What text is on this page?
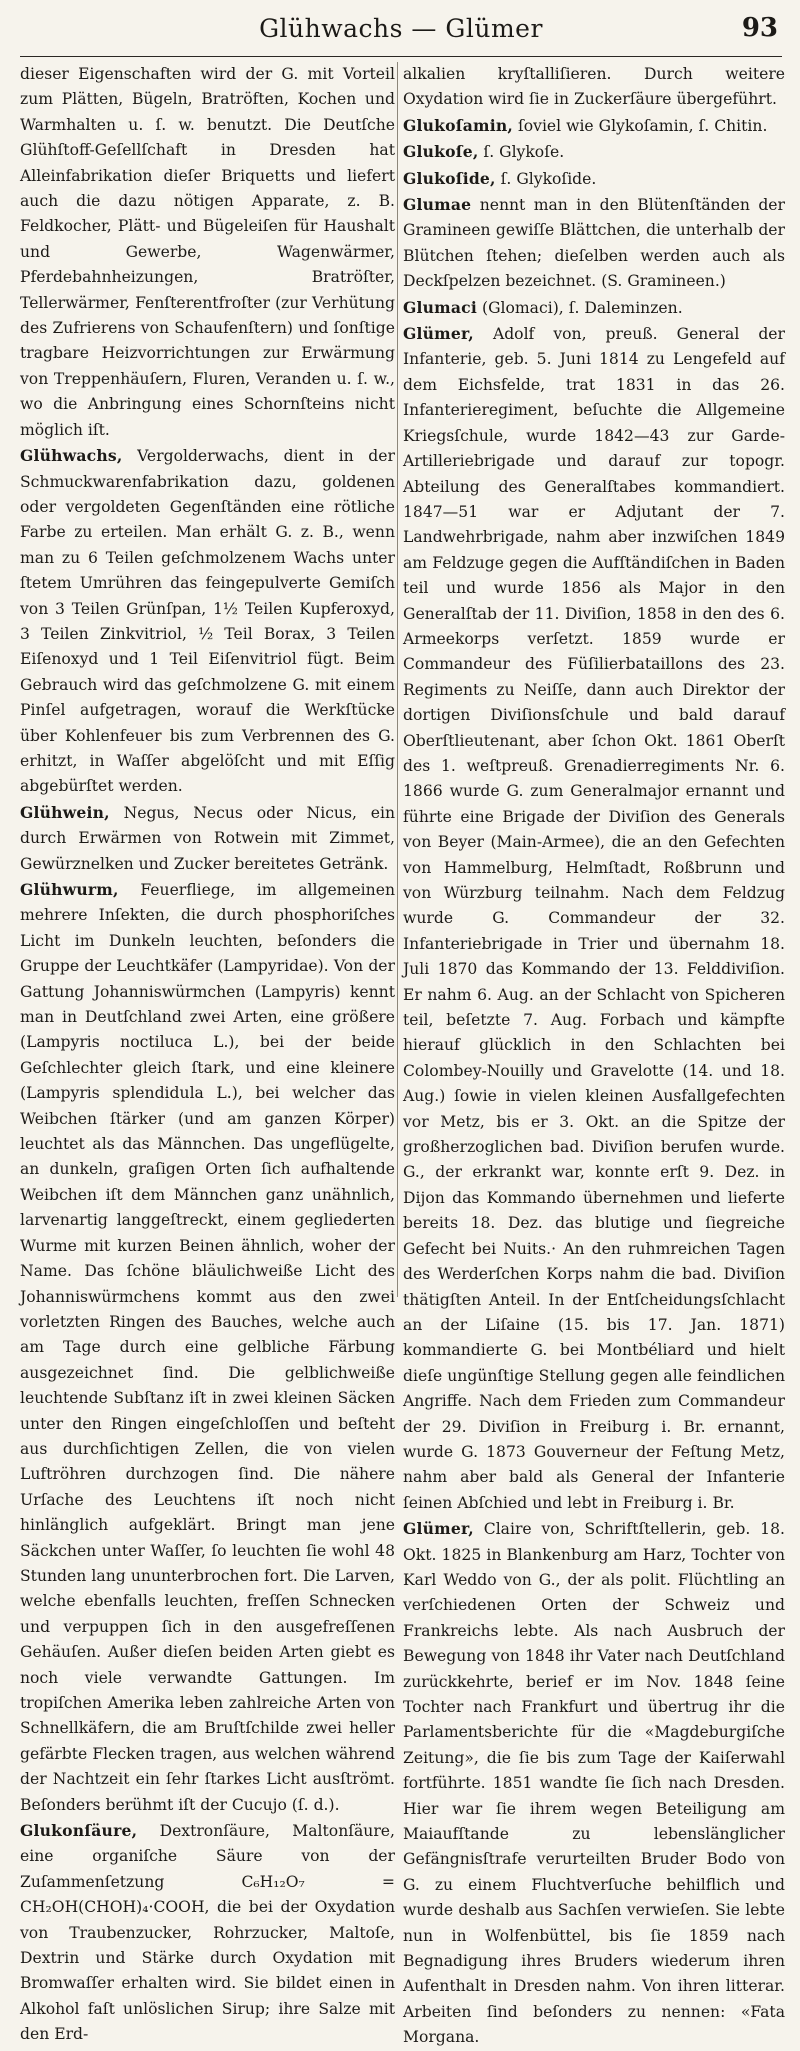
Glühwachs — Glümer	93

dieser Eigenschaften wird der G. mit Vorteil zum Plätten, Bügeln, Bratröften, Kochen und Warmhalten u. ſ. w. benutzt. Die Deutſche Glühſtoff-Geſellſchaft in Dresden hat Alleinfabrikation dieſer Briquetts und liefert auch die dazu nötigen Apparate, z. B. Feldkocher, Plätt- und Bügeleiſen für Haushalt und Gewerbe, Wagenwärmer, Pferdebahnheizungen, Bratröſter, Tellerwärmer, Fenſterentfroſter (zur Verhütung des Zufrierens von Schaufenſtern) und ſonſtige tragbare Heizvorrichtungen zur Erwärmung von Treppenhäuſern, Fluren, Veranden u. ſ. w., wo die Anbringung eines Schornſteins nicht möglich iſt.

Glühwachs, Vergolderwachs, dient in der Schmuckwarenfabrikation dazu, goldenen oder vergoldeten Gegenſtänden eine rötliche Farbe zu erteilen. Man erhält G. z. B., wenn man zu 6 Teilen geſchmolzenem Wachs unter ſtetem Umrühren das feingepulverte Gemiſch von 3 Teilen Grünſpan, 1½ Teilen Kupferoxyd, 3 Teilen Zinkvitriol, ½ Teil Borax, 3 Teilen Eiſenoxyd und 1 Teil Eiſenvitriol fügt. Beim Gebrauch wird das geſchmolzene G. mit einem Pinſel aufgetragen, worauf die Werkſtücke über Kohlenfeuer bis zum Verbrennen des G. erhitzt, in Waſſer abgelöſcht und mit Eſſig abgebürſtet werden.

Glühwein, Negus, Necus oder Nicus, ein durch Erwärmen von Rotwein mit Zimmet, Gewürznelken und Zucker bereitetes Getränk.

Glühwurm, Feuerfliege, im allgemeinen mehrere Inſekten, die durch phosphoriſches Licht im Dunkeln leuchten, beſonders die Gruppe der Leuchtkäfer (Lampyridae). Von der Gattung Johanniswürmchen (Lampyris) kennt man in Deutſchland zwei Arten, eine größere (Lampyris noctiluca L.), bei der beide Geſchlechter gleich ſtark, und eine kleinere (Lampyris splendidula L.), bei welcher das Weibchen ſtärker (und am ganzen Körper) leuchtet als das Männchen. Das ungeflügelte, an dunkeln, graſigen Orten ſich aufhaltende Weibchen iſt dem Männchen ganz unähnlich, larvenartig langgeſtreckt, einem gegliederten Wurme mit kurzen Beinen ähnlich, woher der Name. Das ſchöne bläulichweiße Licht des Johanniswürmchens kommt aus den zwei vorletzten Ringen des Bauches, welche auch am Tage durch eine gelbliche Färbung ausgezeichnet ſind. Die gelblichweiße leuchtende Subſtanz iſt in zwei kleinen Säcken unter den Ringen eingeſchloſſen und beſteht aus durchſichtigen Zellen, die von vielen Luftröhren durchzogen ſind. Die nähere Urſache des Leuchtens iſt noch nicht hinlänglich aufgeklärt. Bringt man jene Säckchen unter Waſſer, ſo leuchten ſie wohl 48 Stunden lang ununterbrochen fort. Die Larven, welche ebenfalls leuchten, freſſen Schnecken und verpuppen ſich in den ausgefreſſenen Gehäuſen. Außer dieſen beiden Arten giebt es noch viele verwandte Gattungen. Im tropiſchen Amerika leben zahlreiche Arten von Schnellkäfern, die am Bruſtſchilde zwei heller gefärbte Flecken tragen, aus welchen während der Nachtzeit ein ſehr ſtarkes Licht ausſtrömt. Beſonders berühmt iſt der Cucujo (ſ. d.).

Glukonſäure, Dextronſäure, Maltonſäure, eine organiſche Säure von der Zuſammenſetzung C₆H₁₂O₇ = CH₂OH(CHOH)₄·COOH, die bei der Oxydation von Traubenzucker, Rohrzucker, Maltoſe, Dextrin und Stärke durch Oxydation mit Bromwaſſer erhalten wird. Sie bildet einen in Alkohol faſt unlöslichen Sirup; ihre Salze mit den Erd-

alkalien kryſtalliſieren. Durch weitere Oxydation wird ſie in Zuckerſäure übergeführt.

Glukoſamin, ſoviel wie Glykoſamin, ſ. Chitin.

Glukoſe, ſ. Glykoſe.

Glukoſide, ſ. Glykoſide.

Glumae nennt man in den Blütenſtänden der Gramineen gewiſſe Blättchen, die unterhalb der Blütchen ſtehen; dieſelben werden auch als Deckſpelzen bezeichnet. (S. Gramineen.)

Glumaci (Glomaci), ſ. Daleminzen.

Glümer, Adolf von, preuß. General der Infanterie, geb. 5. Juni 1814 zu Lengefeld auf dem Eichsfelde, trat 1831 in das 26. Infanterieregiment, beſuchte die Allgemeine Kriegsſchule, wurde 1842—43 zur Garde-Artilleriebrigade und darauf zur topogr. Abteilung des Generalſtabes kommandiert. 1847—51 war er Adjutant der 7. Landwehrbrigade, nahm aber inzwiſchen 1849 am Feldzuge gegen die Aufſtändiſchen in Baden teil und wurde 1856 als Major in den Generalſtab der 11. Diviſion, 1858 in den des 6. Armeekorps verſetzt. 1859 wurde er Commandeur des Füſilierbataillons des 23. Regiments zu Neiſſe, dann auch Direktor der dortigen Diviſionsſchule und bald darauf Oberſtlieutenant, aber ſchon Okt. 1861 Oberſt des 1. weſtpreuß. Grenadierregiments Nr. 6. 1866 wurde G. zum Generalmajor ernannt und führte eine Brigade der Diviſion des Generals von Beyer (Main-Armee), die an den Gefechten von Hammelburg, Helmſtadt, Roßbrunn und von Würzburg teilnahm. Nach dem Feldzug wurde G. Commandeur der 32. Infanteriebrigade in Trier und übernahm 18. Juli 1870 das Kommando der 13. Felddiviſion. Er nahm 6. Aug. an der Schlacht von Spicheren teil, beſetzte 7. Aug. Forbach und kämpfte hierauf glücklich in den Schlachten bei Colombey-Nouilly und Gravelotte (14. und 18. Aug.) ſowie in vielen kleinen Ausfallgefechten vor Metz, bis er 3. Okt. an die Spitze der großherzoglichen bad. Diviſion berufen wurde. G., der erkrankt war, konnte erſt 9. Dez. in Dijon das Kommando übernehmen und lieferte bereits 18. Dez. das blutige und ſiegreiche Gefecht bei Nuits.· An den ruhmreichen Tagen des Werderſchen Korps nahm die bad. Diviſion thätigſten Anteil. In der Entſcheidungsſchlacht an der Liſaine (15. bis 17. Jan. 1871) kommandierte G. bei Montbéliard und hielt dieſe ungünſtige Stellung gegen alle feindlichen Angriffe. Nach dem Frieden zum Commandeur der 29. Diviſion in Freiburg i. Br. ernannt, wurde G. 1873 Gouverneur der Feſtung Metz, nahm aber bald als General der Infanterie ſeinen Abſchied und lebt in Freiburg i. Br.

Glümer, Claire von, Schriftſtellerin, geb. 18. Okt. 1825 in Blankenburg am Harz, Tochter von Karl Weddo von G., der als polit. Flüchtling an verſchiedenen Orten der Schweiz und Frankreichs lebte. Als nach Ausbruch der Bewegung von 1848 ihr Vater nach Deutſchland zurückkehrte, berief er im Nov. 1848 ſeine Tochter nach Frankfurt und übertrug ihr die Parlamentsberichte für die «Magdeburgiſche Zeitung», die ſie bis zum Tage der Kaiſerwahl fortführte. 1851 wandte ſie ſich nach Dresden. Hier war ſie ihrem wegen Beteiligung am Maiaufſtande zu lebenslänglicher Gefängnisſtrafe verurteilten Bruder Bodo von G. zu einem Fluchtverſuche behilflich und wurde deshalb aus Sachſen verwieſen. Sie lebte nun in Wolfenbüttel, bis ſie 1859 nach Begnadigung ihres Bruders wiederum ihren Aufenthalt in Dresden nahm. Von ihren litterar. Arbeiten ſind beſonders zu nennen: «Fata Morgana.
